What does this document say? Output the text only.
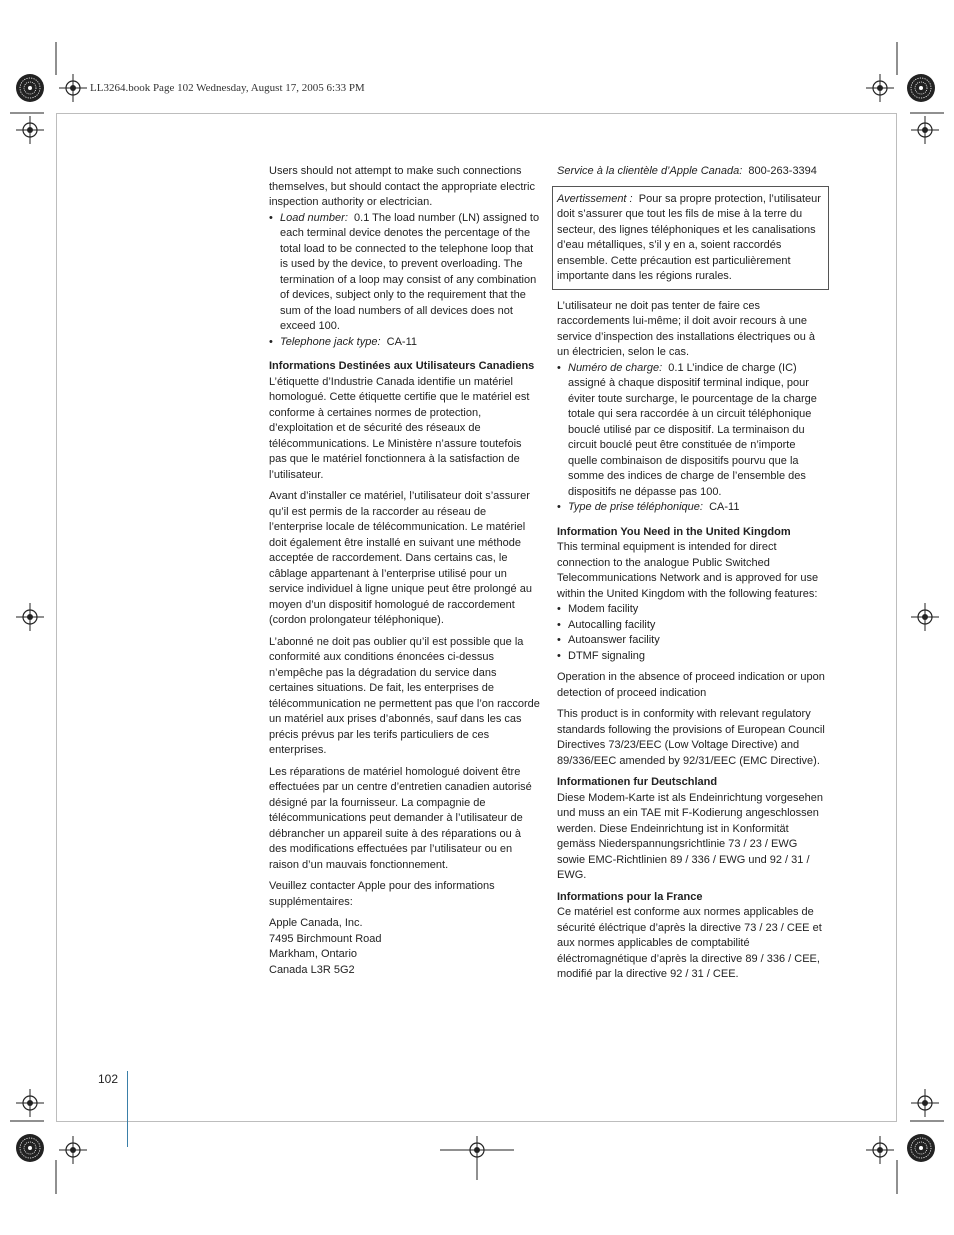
LL3264.book Page 102 Wednesday, August 17, 2005 6:33 PM

Users should not attempt to make such connections themselves, but should contact the appropriate electric inspection authority or electrician.

• Load number: 0.1 The load number (LN) assigned to each terminal device denotes the percentage of the total load to be connected to the telephone loop that is used by the device, to prevent overloading. The termination of a loop may consist of any combination of devices, subject only to the requirement that the sum of the load numbers of all devices does not exceed 100.
• Telephone jack type: CA-11

Informations Destinées aux Utilisateurs Canadiens

L’étiquette d’Industrie Canada identifie un matériel homologué. Cette étiquette certifie que le matériel est conforme à certaines normes de protection, d’exploitation et de sécurité des réseaux de télécommunications. Le Ministère n’assure toutefois pas que le matériel fonctionnera à la satisfaction de l’utilisateur.

Avant d’installer ce matériel, l’utilisateur doit s’assurer qu’il est permis de la raccorder au réseau de l’enterprise locale de télécommunication. Le matériel doit également être installé en suivant une méthode acceptée de raccordement. Dans certains cas, le câblage appartenant à l’enterprise utilisé pour un service individuel à ligne unique peut être prolongé au moyen d’un dispositif homologué de raccordement (cordon prolongateur téléphonique).

L’abonné ne doit pas oublier qu’il est possible que la conformité aux conditions énoncées ci-dessus n’empêche pas la dégradation du service dans certaines situations. De fait, les enterprises de télécommunication ne permettent pas que l’on raccorde un matériel aux prises d’abonnés, sauf dans les cas précis prévus par les terifs particuliers de ces enterprises.

Les réparations de matériel homologué doivent être effectuées par un centre d’entretien canadien autorisé désigné par la fournisseur. La compagnie de télécommunications peut demander à l’utilisateur de débrancher un appareil suite à des réparations ou à des modifications effectuées par l’utilisateur ou en raison d’un mauvais fonctionnement.

Veuillez contacter Apple pour des informations supplémentaires:

Apple Canada, Inc.
7495 Birchmount Road
Markham, Ontario
Canada L3R 5G2

Service à la clientèle d’Apple Canada: 800-263-3394

Avertissement : Pour sa propre protection, l’utilisateur doit s’assurer que tout les fils de mise à la terre du secteur, des lignes téléphoniques et les canalisations d’eau métalliques, s’il y en a, soient raccordés ensemble. Cette précaution est particulièrement importante dans les régions rurales.

L’utilisateur ne doit pas tenter de faire ces raccordements lui-même; il doit avoir recours à une service d’inspection des installations électriques ou à un électricien, selon le cas.

• Numéro de charge: 0.1 L’indice de charge (IC) assigné à chaque dispositif terminal indique, pour éviter toute surcharge, le pourcentage de la charge totale qui sera raccordée à un circuit téléphonique bouclé utilisé par ce dispositif. La terminaison du circuit bouclé peut être constituée de n’importe quelle combinaison de dispositifs pourvu que la somme des indices de charge de l’ensemble des dispositifs ne dépasse pas 100.
• Type de prise téléphonique: CA-11

Information You Need in the United Kingdom

This terminal equipment is intended for direct connection to the analogue Public Switched Telecommunications Network and is approved for use within the United Kingdom with the following features:

• Modem facility
• Autocalling facility
• Autoanswer facility
• DTMF signaling

Operation in the absence of proceed indication or upon detection of proceed indication

This product is in conformity with relevant regulatory standards following the provisions of European Council Directives 73/23/EEC (Low Voltage Directive) and 89/336/EEC amended by 92/31/EEC (EMC Directive).

Informationen fur Deutschland

Diese Modem-Karte ist als Endeinrichtung vorgesehen und muss an ein TAE mit F-Kodierung angeschlossen werden. Diese Endeinrichtung ist in Konformität gemäss Niederspannungsrichtlinie 73 / 23 / EWG sowie EMC-Richtlinien 89 / 336 / EWG und 92 / 31 / EWG.

Informations pour la France

Ce matériel est conforme aux normes applicables de sécurité éléctrique d’après la directive 73 / 23 / CEE et aux normes applicables de comptabilité éléctromagnétique d’après la directive 89 / 336 / CEE, modifié par la directive 92 / 31 / CEE.

102
